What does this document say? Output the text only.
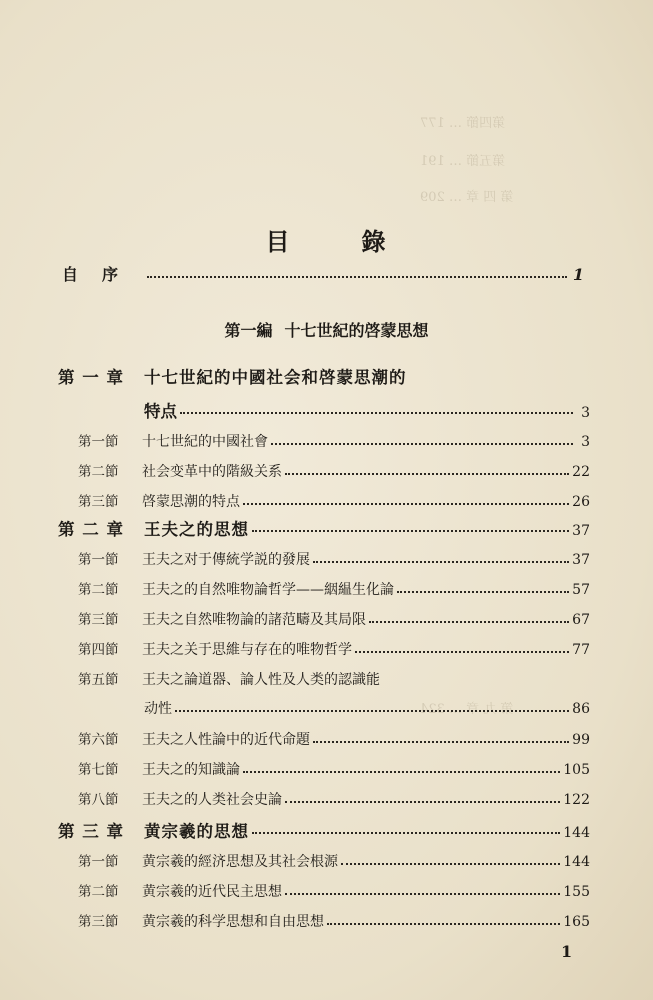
第四節 … 177
第五節 … 191
第 四 章 … 209
第 九 章 … 324
目	錄
自序	1
第一編 十七世紀的啓蒙思想
第 一 章	十七世紀的中國社会和啓蒙思潮的
特点	3
第一節	十七世紀的中國社會	3
第二節	社会变革中的階級关系	22
第三節	啓蒙思潮的特点	26
第 二 章	王夫之的思想	37
第一節	王夫之对于傳統学説的發展	37
第二節	王夫之的自然唯物論哲学——絪緼生化論	57
第三節	王夫之自然唯物論的諸范疇及其局限	67
第四節	王夫之关于思維与存在的唯物哲学	77
第五節	王夫之論道器、論人性及人类的認識能
动性	86
第六節	王夫之人性論中的近代命題	99
第七節	王夫之的知識論	105
第八節	王夫之的人类社会史論	122
第 三 章	黄宗羲的思想	144
第一節	黄宗羲的經济思想及其社会根源	144
第二節	黄宗羲的近代民主思想	155
第三節	黄宗羲的科学思想和自由思想	165
1
